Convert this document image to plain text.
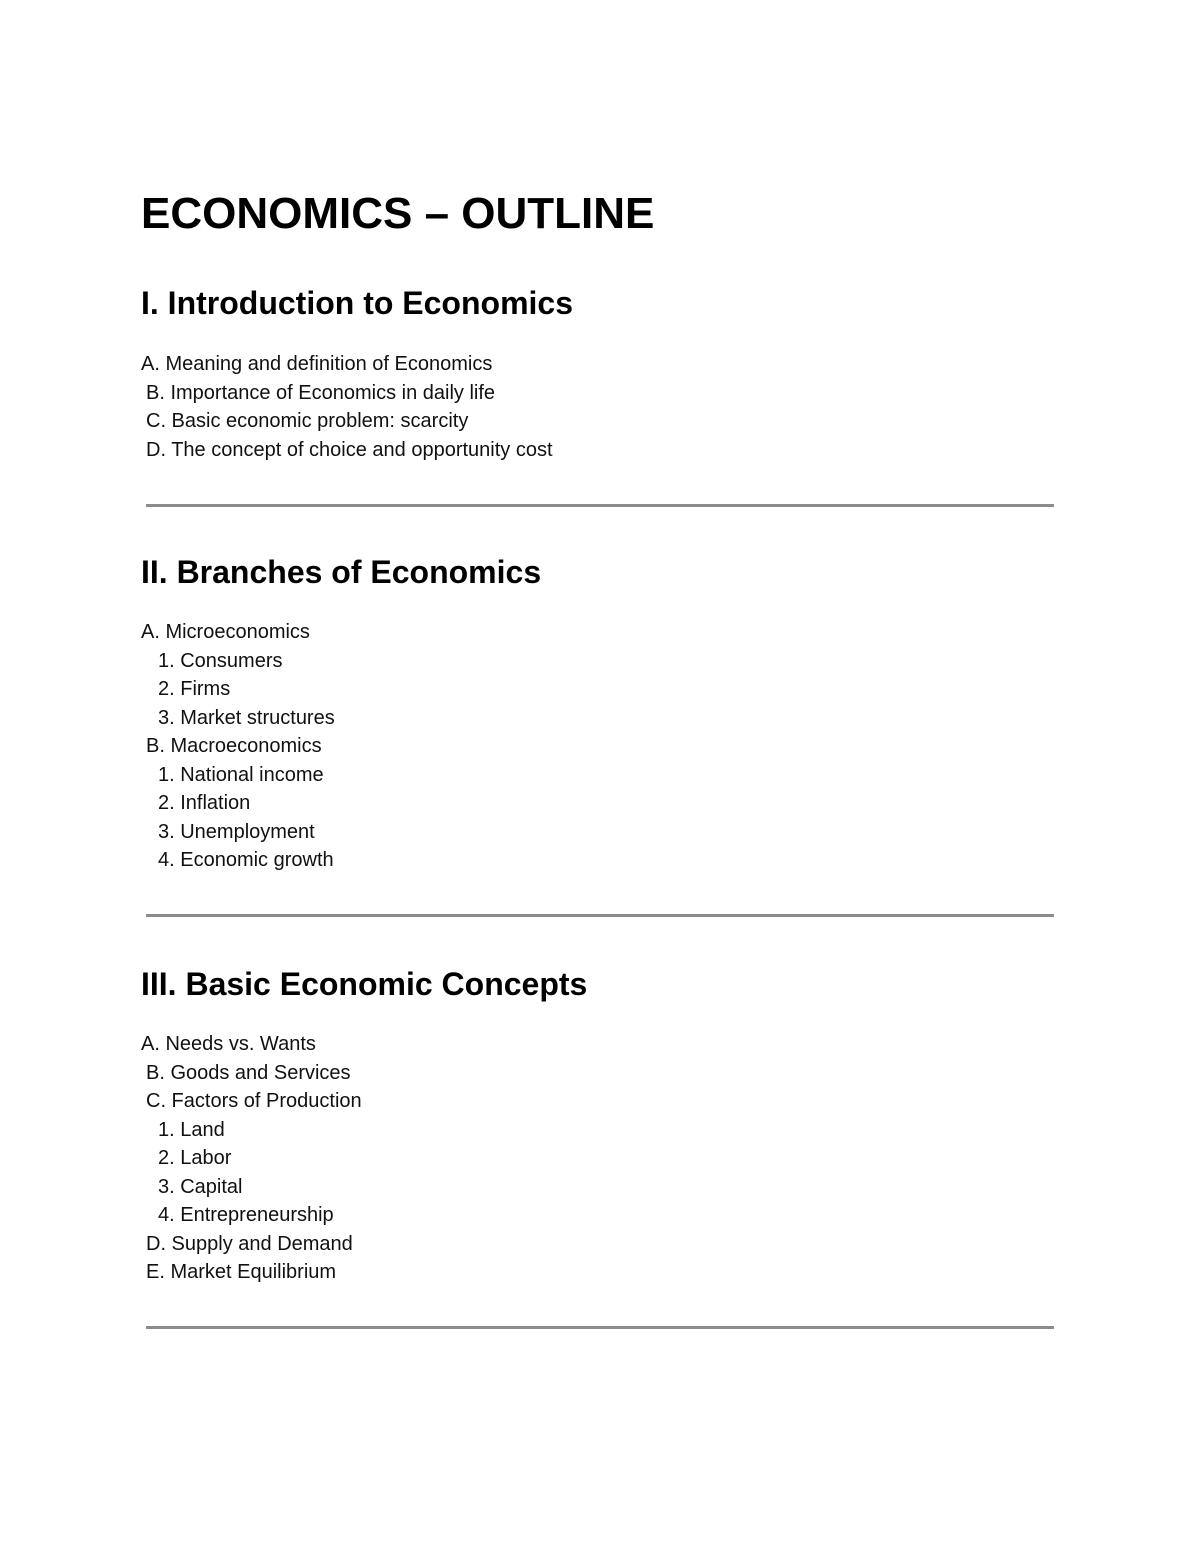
ECONOMICS – OUTLINE
I. Introduction to Economics
A. Meaning and definition of Economics
B. Importance of Economics in daily life
C. Basic economic problem: scarcity
D. The concept of choice and opportunity cost
II. Branches of Economics
A. Microeconomics
1. Consumers
2. Firms
3. Market structures
B. Macroeconomics
1. National income
2. Inflation
3. Unemployment
4. Economic growth
III. Basic Economic Concepts
A. Needs vs. Wants
B. Goods and Services
C. Factors of Production
1. Land
2. Labor
3. Capital
4. Entrepreneurship
D. Supply and Demand
E. Market Equilibrium
